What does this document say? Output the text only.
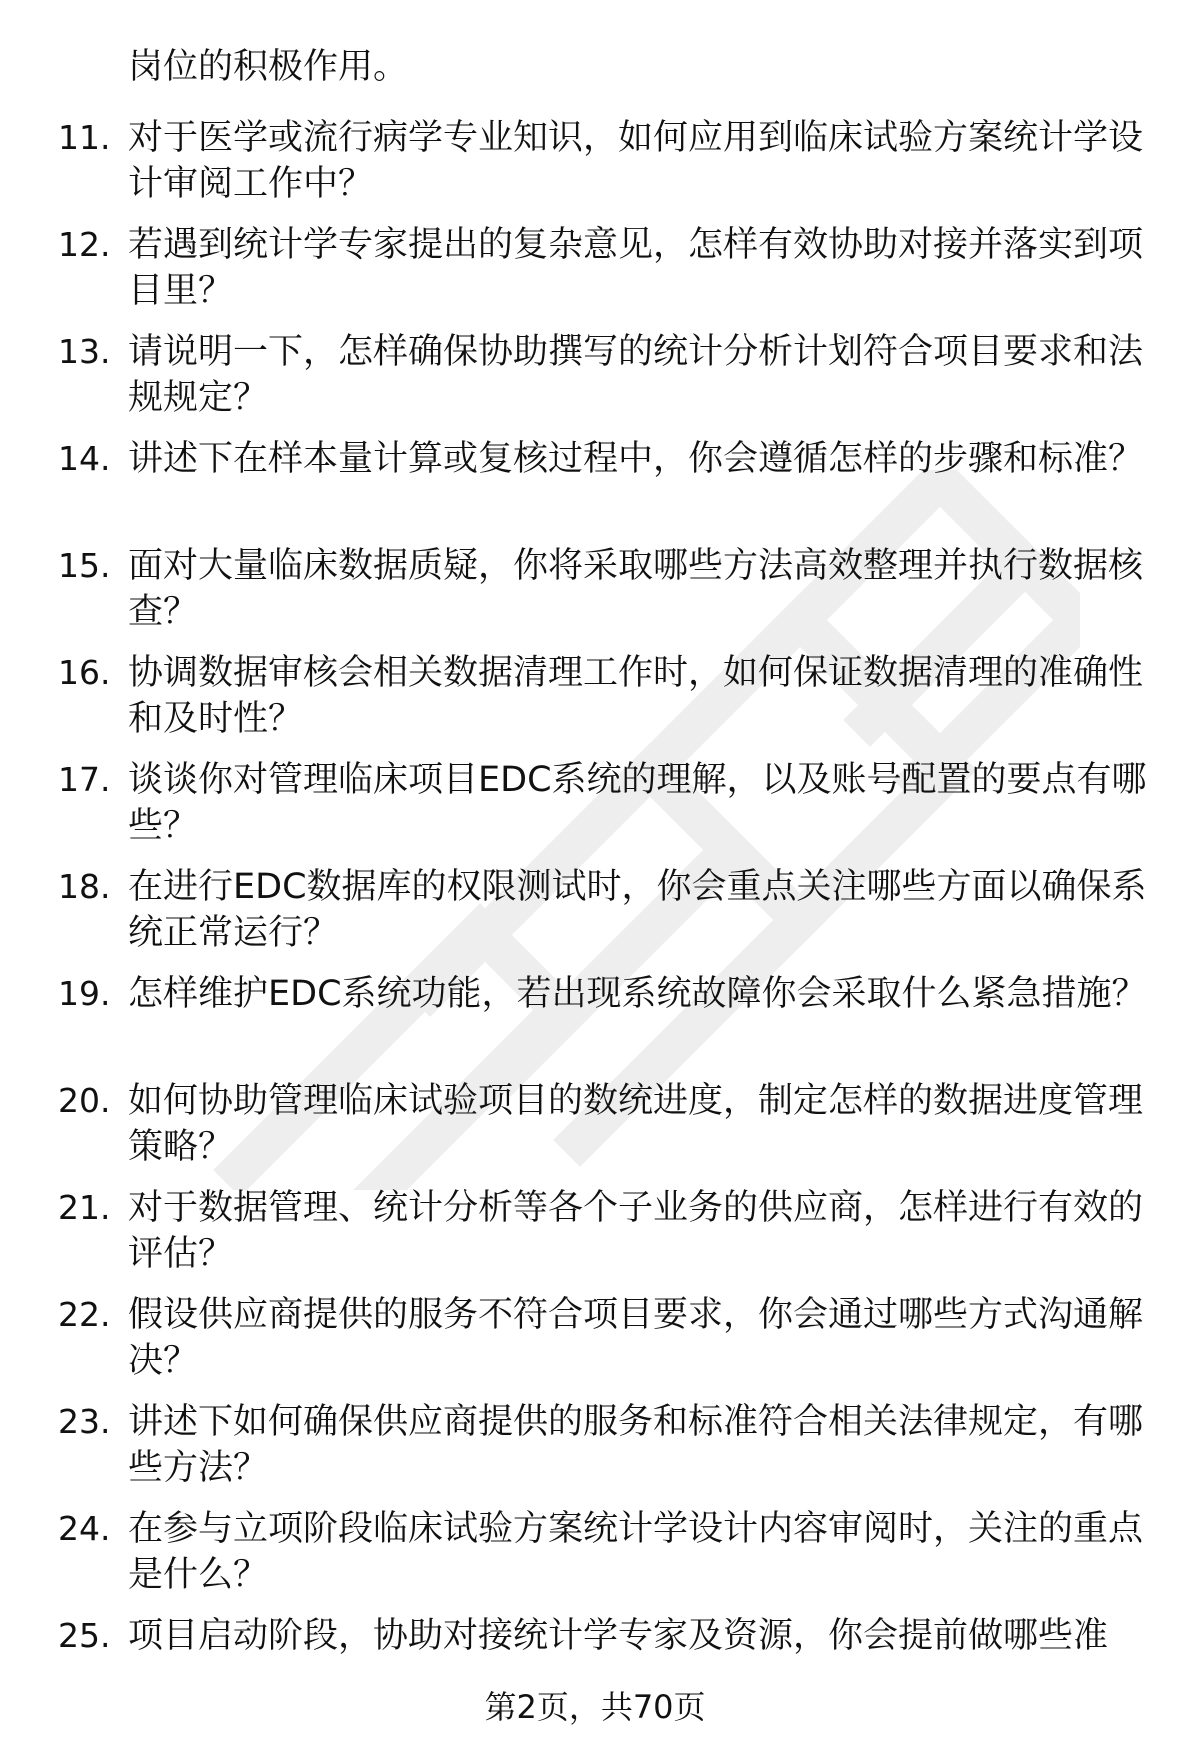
岗位的积极作用。
11. 对于医学或流行病学专业知识，如何应用到临床试验方案统计学设计审阅工作中？
12. 若遇到统计学专家提出的复杂意见，怎样有效协助对接并落实到项目里？
13. 请说明一下，怎样确保协助撰写的统计分析计划符合项目要求和法规规定？
14. 讲述下在样本量计算或复核过程中，你会遵循怎样的步骤和标准？
15. 面对大量临床数据质疑，你将采取哪些方法高效整理并执行数据核查？
16. 协调数据审核会相关数据清理工作时，如何保证数据清理的准确性和及时性？
17. 谈谈你对管理临床项目EDC系统的理解，以及账号配置的要点有哪些？
18. 在进行EDC数据库的权限测试时，你会重点关注哪些方面以确保系统正常运行？
19. 怎样维护EDC系统功能，若出现系统故障你会采取什么紧急措施？
20. 如何协助管理临床试验项目的数统进度，制定怎样的数据进度管理策略？
21. 对于数据管理、统计分析等各个子业务的供应商，怎样进行有效的评估？
22. 假设供应商提供的服务不符合项目要求，你会通过哪些方式沟通解决？
23. 讲述下如何确保供应商提供的服务和标准符合相关法律规定，有哪些方法？
24. 在参与立项阶段临床试验方案统计学设计内容审阅时，关注的重点是什么？
25. 项目启动阶段，协助对接统计学专家及资源，你会提前做哪些准
第2页，共70页
